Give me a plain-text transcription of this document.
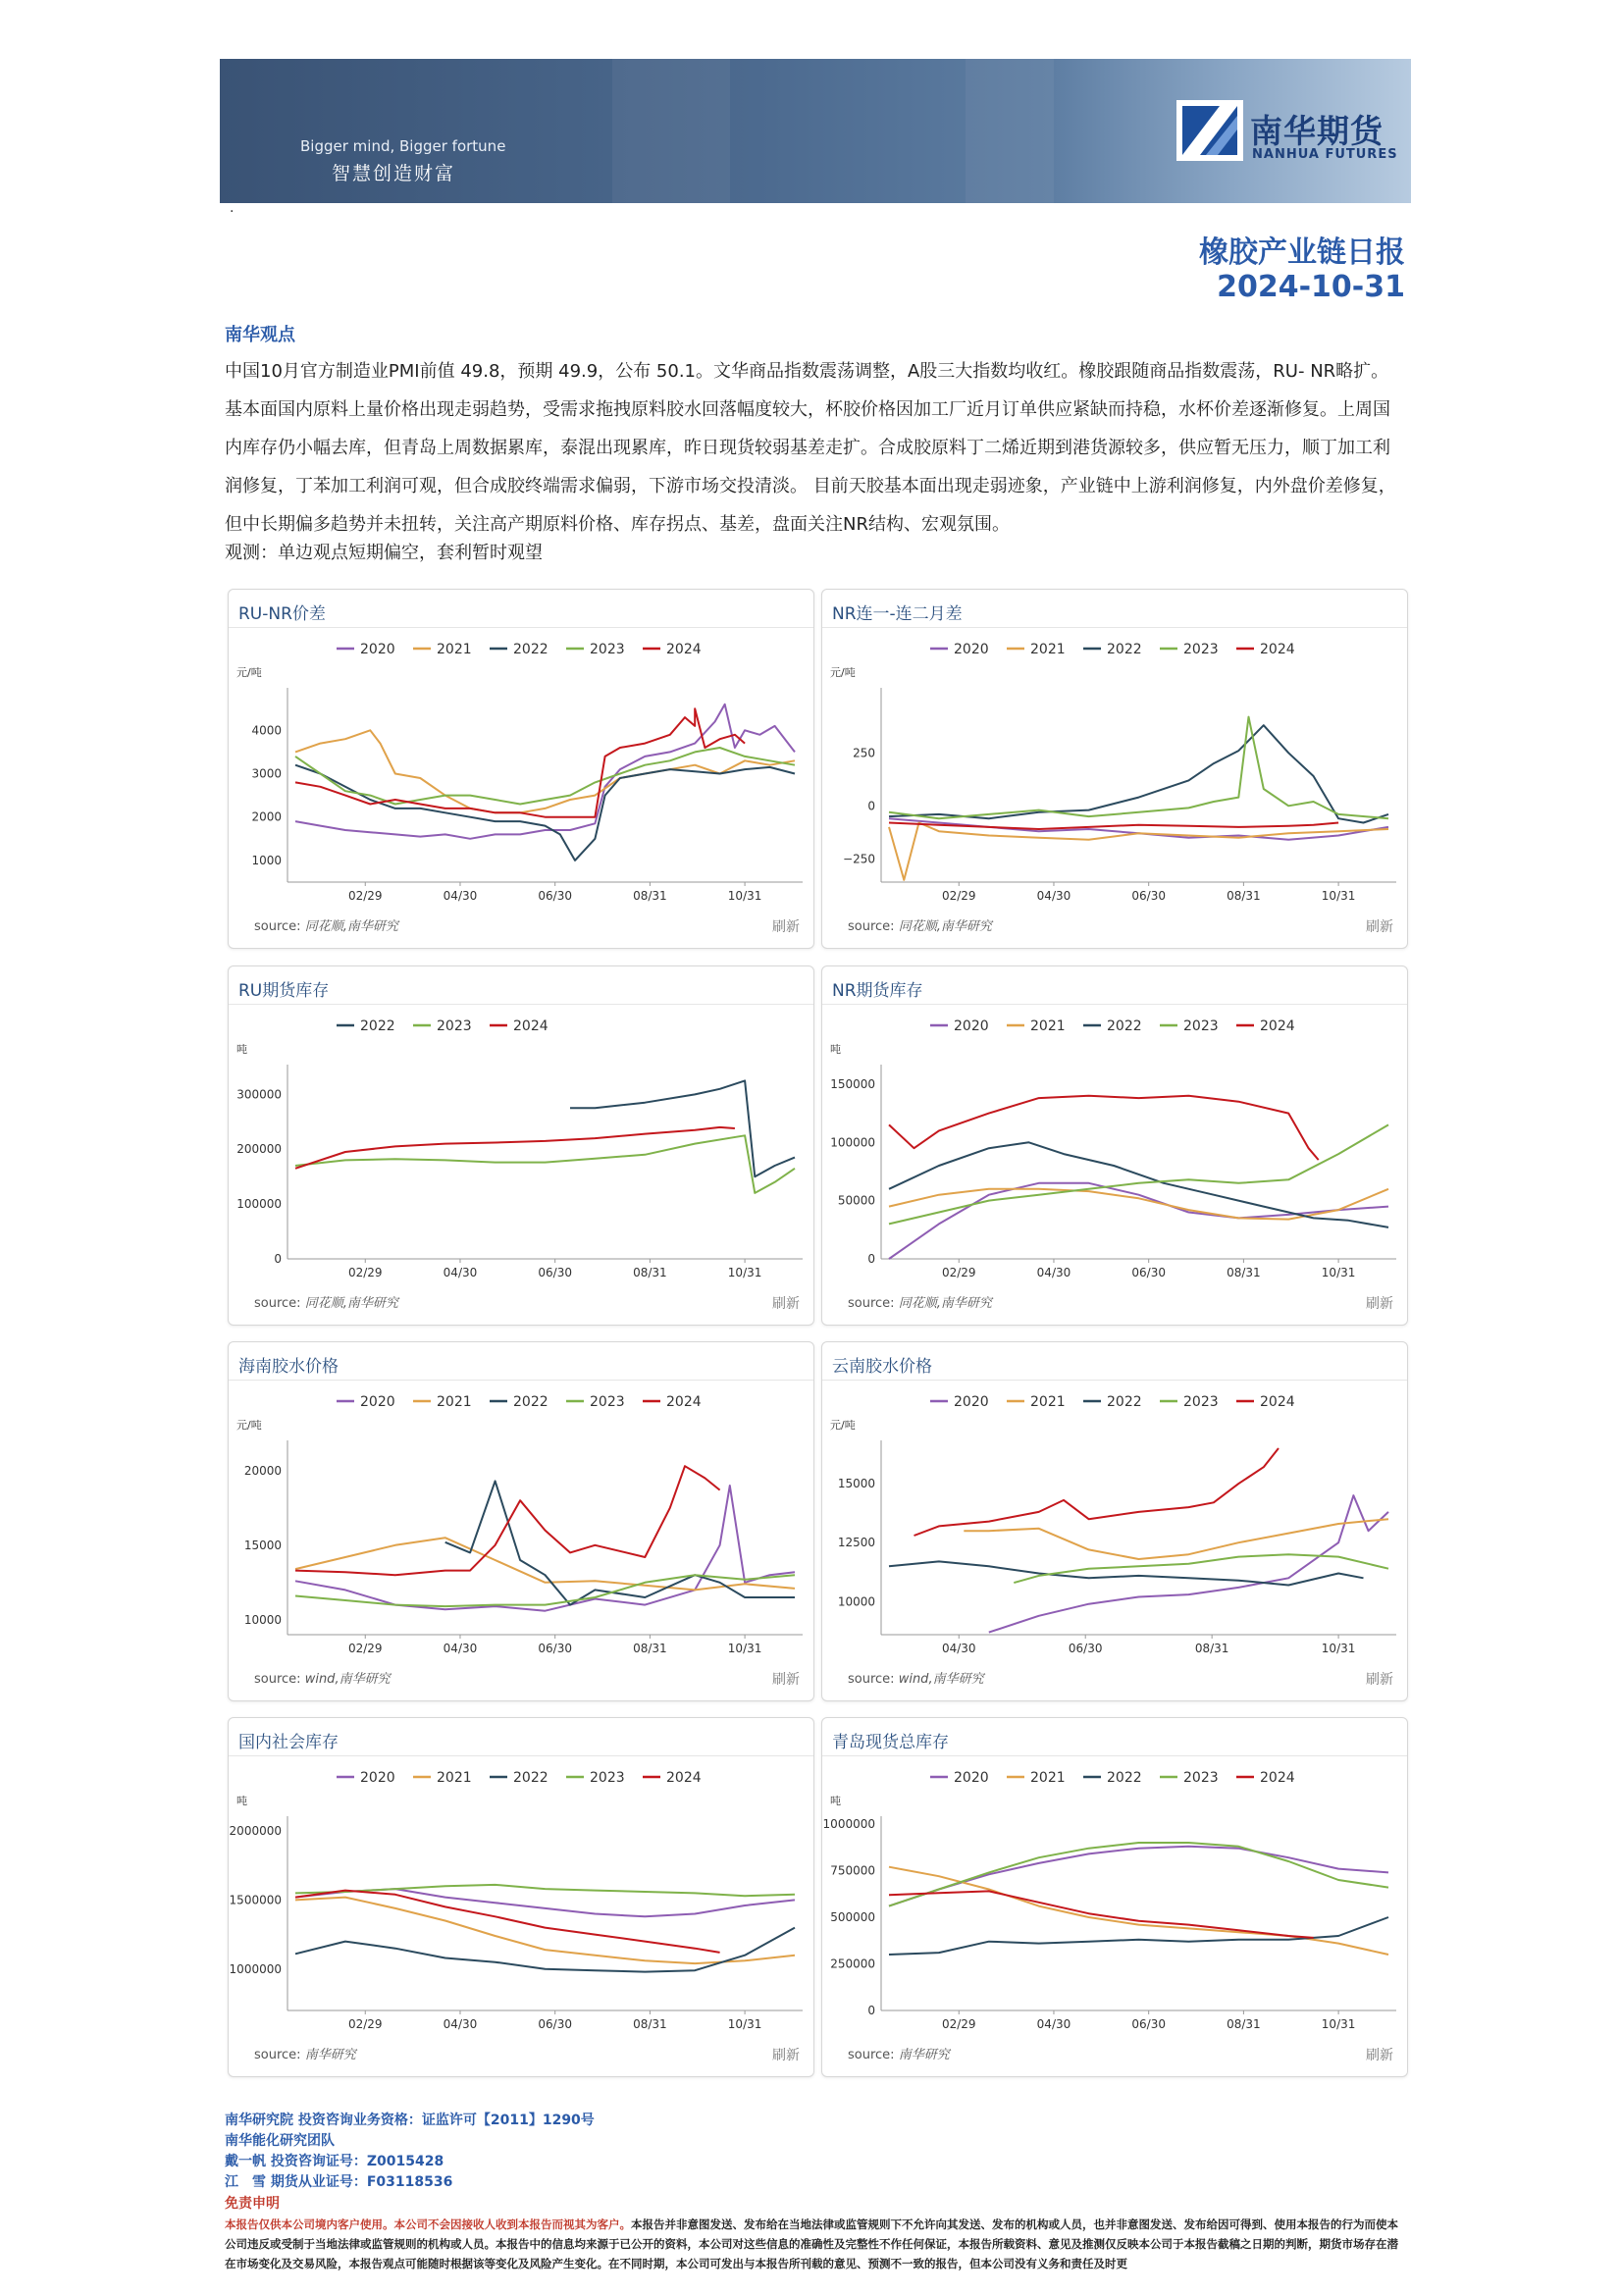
Bigger mind, Bigger fortune
智慧创造财富
南华期货
NANHUA FUTURES
·
橡胶产业链日报
2024-10-31
南华观点
中国10月官方制造业PMI前值 49.8，预期 49.9，公布 50.1。文华商品指数震荡调整，A股三大指数均收红。橡胶跟随商品指数震荡，RU- NR略扩。基本面国内原料上量价格出现走弱趋势，受需求拖拽原料胶水回落幅度较大，杯胶价格因加工厂近月订单供应紧缺而持稳，水杯价差逐渐修复。上周国内库存仍小幅去库，但青岛上周数据累库，泰混出现累库，昨日现货较弱基差走扩。合成胶原料丁二烯近期到港货源较多，供应暂无压力，顺丁加工利润修复，丁苯加工利润可观，但合成胶终端需求偏弱，下游市场交投清淡。 目前天胶基本面出现走弱迹象，产业链中上游利润修复，内外盘价差修复，但中长期偏多趋势并未扭转，关注高产期原料价格、库存拐点、基差，盘面关注NR结构、宏观氛围。
观测：单边观点短期偏空，套利暂时观望
RU-NR价差
2020	2021	2022	2023	2024
元/吨
4000
3000
2000
1000
02/29	04/30	06/30	08/31	10/31
source: 同花顺,南华研究	刷新
NR连一-连二月差
2020	2021	2022	2023	2024
元/吨
250
0
−250
02/29	04/30	06/30	08/31	10/31
source: 同花顺,南华研究	刷新
RU期货库存
2022	2023	2024
吨
300000
200000
100000
0
02/29	04/30	06/30	08/31	10/31
source: 同花顺,南华研究	刷新
NR期货库存
2020	2021	2022	2023	2024
吨
150000
100000
50000
0
02/29	04/30	06/30	08/31	10/31
source: 同花顺,南华研究	刷新
海南胶水价格
2020	2021	2022	2023	2024
元/吨
20000
15000
10000
02/29	04/30	06/30	08/31	10/31
source: wind,南华研究	刷新
云南胶水价格
2020	2021	2022	2023	2024
元/吨
15000
12500
10000
04/30	06/30	08/31	10/31
source: wind,南华研究	刷新
国内社会库存
2020	2021	2022	2023	2024
吨
2000000
1500000
1000000
02/29	04/30	06/30	08/31	10/31
source: 南华研究	刷新
青岛现货总库存
2020	2021	2022	2023	2024
吨
1000000
750000
500000
250000
0
02/29	04/30	06/30	08/31	10/31
source: 南华研究	刷新
南华研究院 投资咨询业务资格：证监许可【2011】1290号
南华能化研究团队
戴一帆 投资咨询证号：Z0015428
江　雪 期货从业证号：F03118536
免责申明
本报告仅供本公司境内客户使用。本公司不会因接收人收到本报告而视其为客户。本报告并非意图发送、发布给在当地法律或监管规则下不允许向其发送、发布的机构或人员，也并非意图发送、发布给因可得到、使用本报告的行为而使本公司违反或受制于当地法律或监管规则的机构或人员。本报告中的信息均来源于已公开的资料，本公司对这些信息的准确性及完整性不作任何保证，本报告所载资料、意见及推测仅反映本公司于本报告截稿之日期的判断，期货市场存在潜在市场变化及交易风险，本报告观点可能随时根据该等变化及风险产生变化。在不同时期，本公司可发出与本报告所刊载的意见、预测不一致的报告，但本公司没有义务和责任及时更
